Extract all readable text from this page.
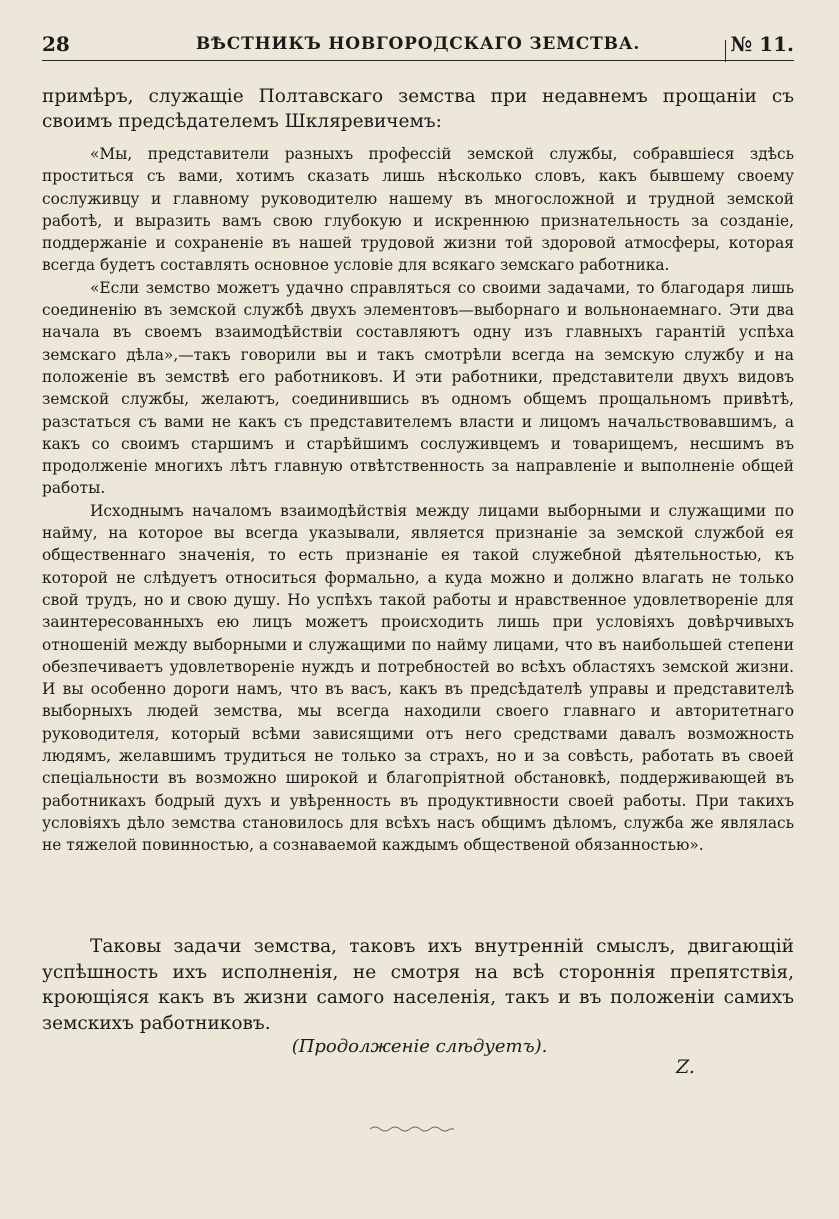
28	ВѢСТНИКЪ НОВГОРОДСКАГО ЗЕМСТВА.	№ 11.

примѣръ, служащіе Полтавскаго земства при недавнемъ прощаніи съ своимъ предсѣдателемъ Шкляревичемъ:

«Мы, представители разныхъ профессій земской службы, собравшіеся здѣсь проститься съ вами, хотимъ сказать лишь нѣсколько словъ, какъ бывшему своему сослуживцу и главному руководителю нашему въ многосложной и трудной земской работѣ, и выразить вамъ свою глубокую и искреннюю признательность за созданіе, поддержаніе и сохраненіе въ нашей трудовой жизни той здоровой атмосферы, которая всегда будетъ составлять основное условіе для всякаго земскаго работника.

«Если земство можетъ удачно справляться со своими задачами, то благодаря лишь соединенію въ земской службѣ двухъ элементовъ—выборнаго и вольнонаемнаго. Эти два начала въ своемъ взаимодѣйствіи составляютъ одну изъ главныхъ гарантій успѣха земскаго дѣла»,—такъ говорили вы и такъ смотрѣли всегда на земскую службу и на положеніе въ земствѣ его работниковъ. И эти работники, представители двухъ видовъ земской службы, желаютъ, соединившись въ одномъ общемъ прощальномъ привѣтѣ, разстаться съ вами не какъ съ представителемъ власти и лицомъ начальствовавшимъ, а какъ со своимъ старшимъ и старѣйшимъ сослуживцемъ и товарищемъ, несшимъ въ продолженіе многихъ лѣтъ главную отвѣтственность за направленіе и выполненіе общей работы.

Исходнымъ началомъ взаимодѣйствія между лицами выборными и служащими по найму, на которое вы всегда указывали, является признаніе за земской службой ея общественнаго значенія, то есть признаніе ея такой служебной дѣятельностью, къ которой не слѣдуетъ относиться формально, а куда можно и должно влагать не только свой трудъ, но и свою душу. Но успѣхъ такой работы и нравственное удовлетвореніе для заинтересованныхъ ею лицъ можетъ происходить лишь при условіяхъ довѣрчивыхъ отношеній между выборными и служащими по найму лицами, что въ наибольшей степени обезпечиваетъ удовлетвореніе нуждъ и потребностей во всѣхъ областяхъ земской жизни. И вы особенно дороги намъ, что въ васъ, какъ въ предсѣдателѣ управы и представителѣ выборныхъ людей земства, мы всегда находили своего главнаго и авторитетнаго руководителя, который всѣми зависящими отъ него средствами давалъ возможность людямъ, желавшимъ трудиться не только за страхъ, но и за совѣсть, работать въ своей спеціальности въ возможно широкой и благопріятной обстановкѣ, поддерживающей въ работникахъ бодрый духъ и увѣренность въ продуктивности своей работы. При такихъ условіяхъ дѣло земства становилось для всѣхъ насъ общимъ дѣломъ, служба же являлась не тяжелой повинностью, а сознаваемой каждымъ общественой обязанностью».

Таковы задачи земства, таковъ ихъ внутренній смыслъ, двигающій успѣшность ихъ исполненія, не смотря на всѣ стороннія препятствія, кроющіяся какъ въ жизни самого населенія, такъ и въ положеніи самихъ земскихъ работниковъ.

(Продолженіе слѣдуетъ).
Z.
